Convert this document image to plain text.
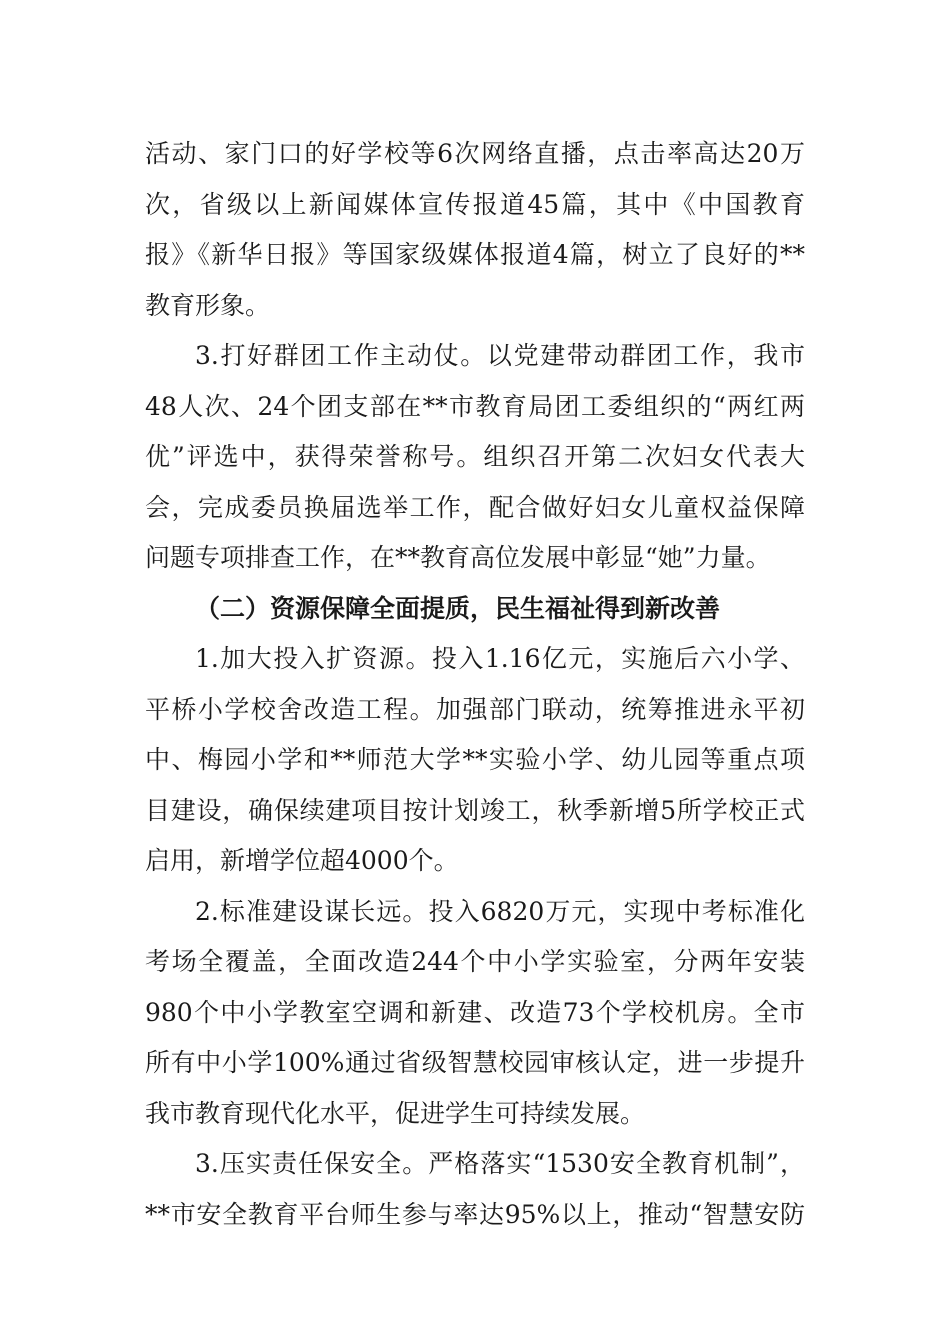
活动、家门口的好学校等6次网络直播，点击率高达20万
次，省级以上新闻媒体宣传报道45篇，其中《中国教育
报》《新华日报》等国家级媒体报道4篇，树立了良好的**
教育形象。
3.打好群团工作主动仗。以党建带动群团工作，我市
48人次、24个团支部在**市教育局团工委组织的“两红两
优”评选中，获得荣誉称号。组织召开第二次妇女代表大
会，完成委员换届选举工作，配合做好妇女儿童权益保障
问题专项排查工作，在**教育高位发展中彰显“她”力量。
（二）资源保障全面提质，民生福祉得到新改善
1.加大投入扩资源。投入1.16亿元，实施后六小学、
平桥小学校舍改造工程。加强部门联动，统筹推进永平初
中、梅园小学和**师范大学**实验小学、幼儿园等重点项
目建设，确保续建项目按计划竣工，秋季新增5所学校正式
启用，新增学位超4000个。
2.标准建设谋长远。投入6820万元，实现中考标准化
考场全覆盖，全面改造244个中小学实验室，分两年安装
980个中小学教室空调和新建、改造73个学校机房。全市
所有中小学100%通过省级智慧校园审核认定，进一步提升
我市教育现代化水平，促进学生可持续发展。
3.压实责任保安全。严格落实“1530安全教育机制”，
**市安全教育平台师生参与率达95%以上，推动“智慧安防
